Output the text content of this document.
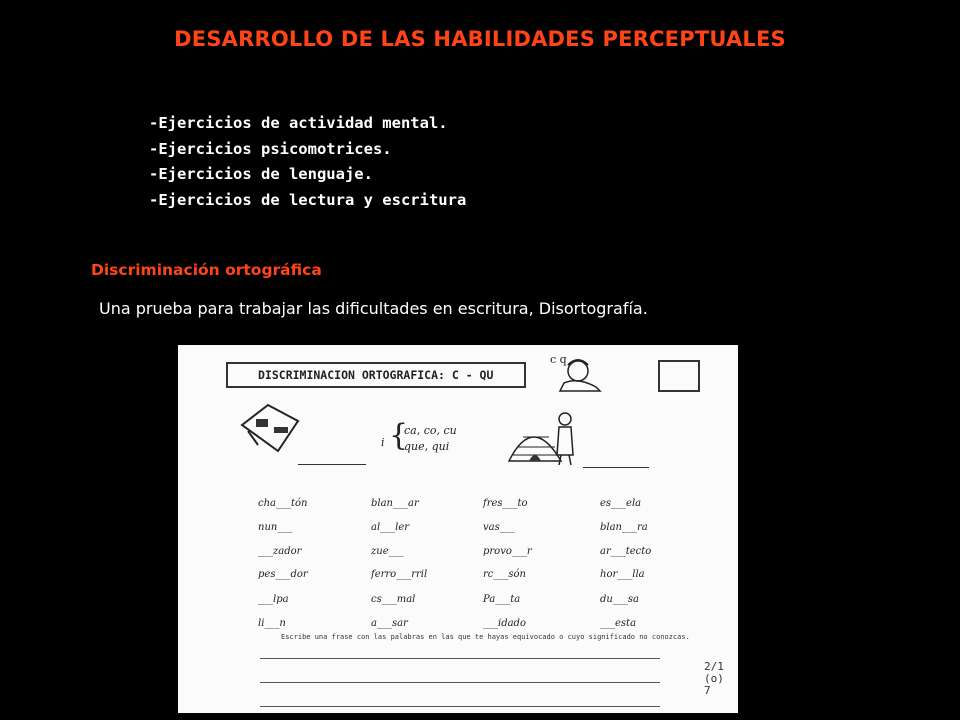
DESARROLLO DE LAS HABILIDADES PERCEPTUALES
-Ejercicios de actividad mental.
-Ejercicios psicomotrices.
-Ejercicios de lenguaje.
-Ejercicios de lectura y escritura
Discriminación ortográfica
Una prueba para trabajar las dificultades en escritura, Disortografía.
DISCRIMINACION ORTOGRAFICA: C - QU
c q
i {
ca, co, cu
que, qui
cha___tón
nun___
___zador
pes___dor
___lpa
li___n
blan___ar
al___ler
zue___
ferro___rril
cs___mal
a___sar
fres___to
vas___
provo___r
rc___són
Pa___ta
___idado
es___ela
blan___ra
ar___tecto
hor___lla
du___sa
___esta
Escribe una frase con las palabras en las que te hayas equivocado o cuyo significado no conozcas.
2/1 (o) 7
